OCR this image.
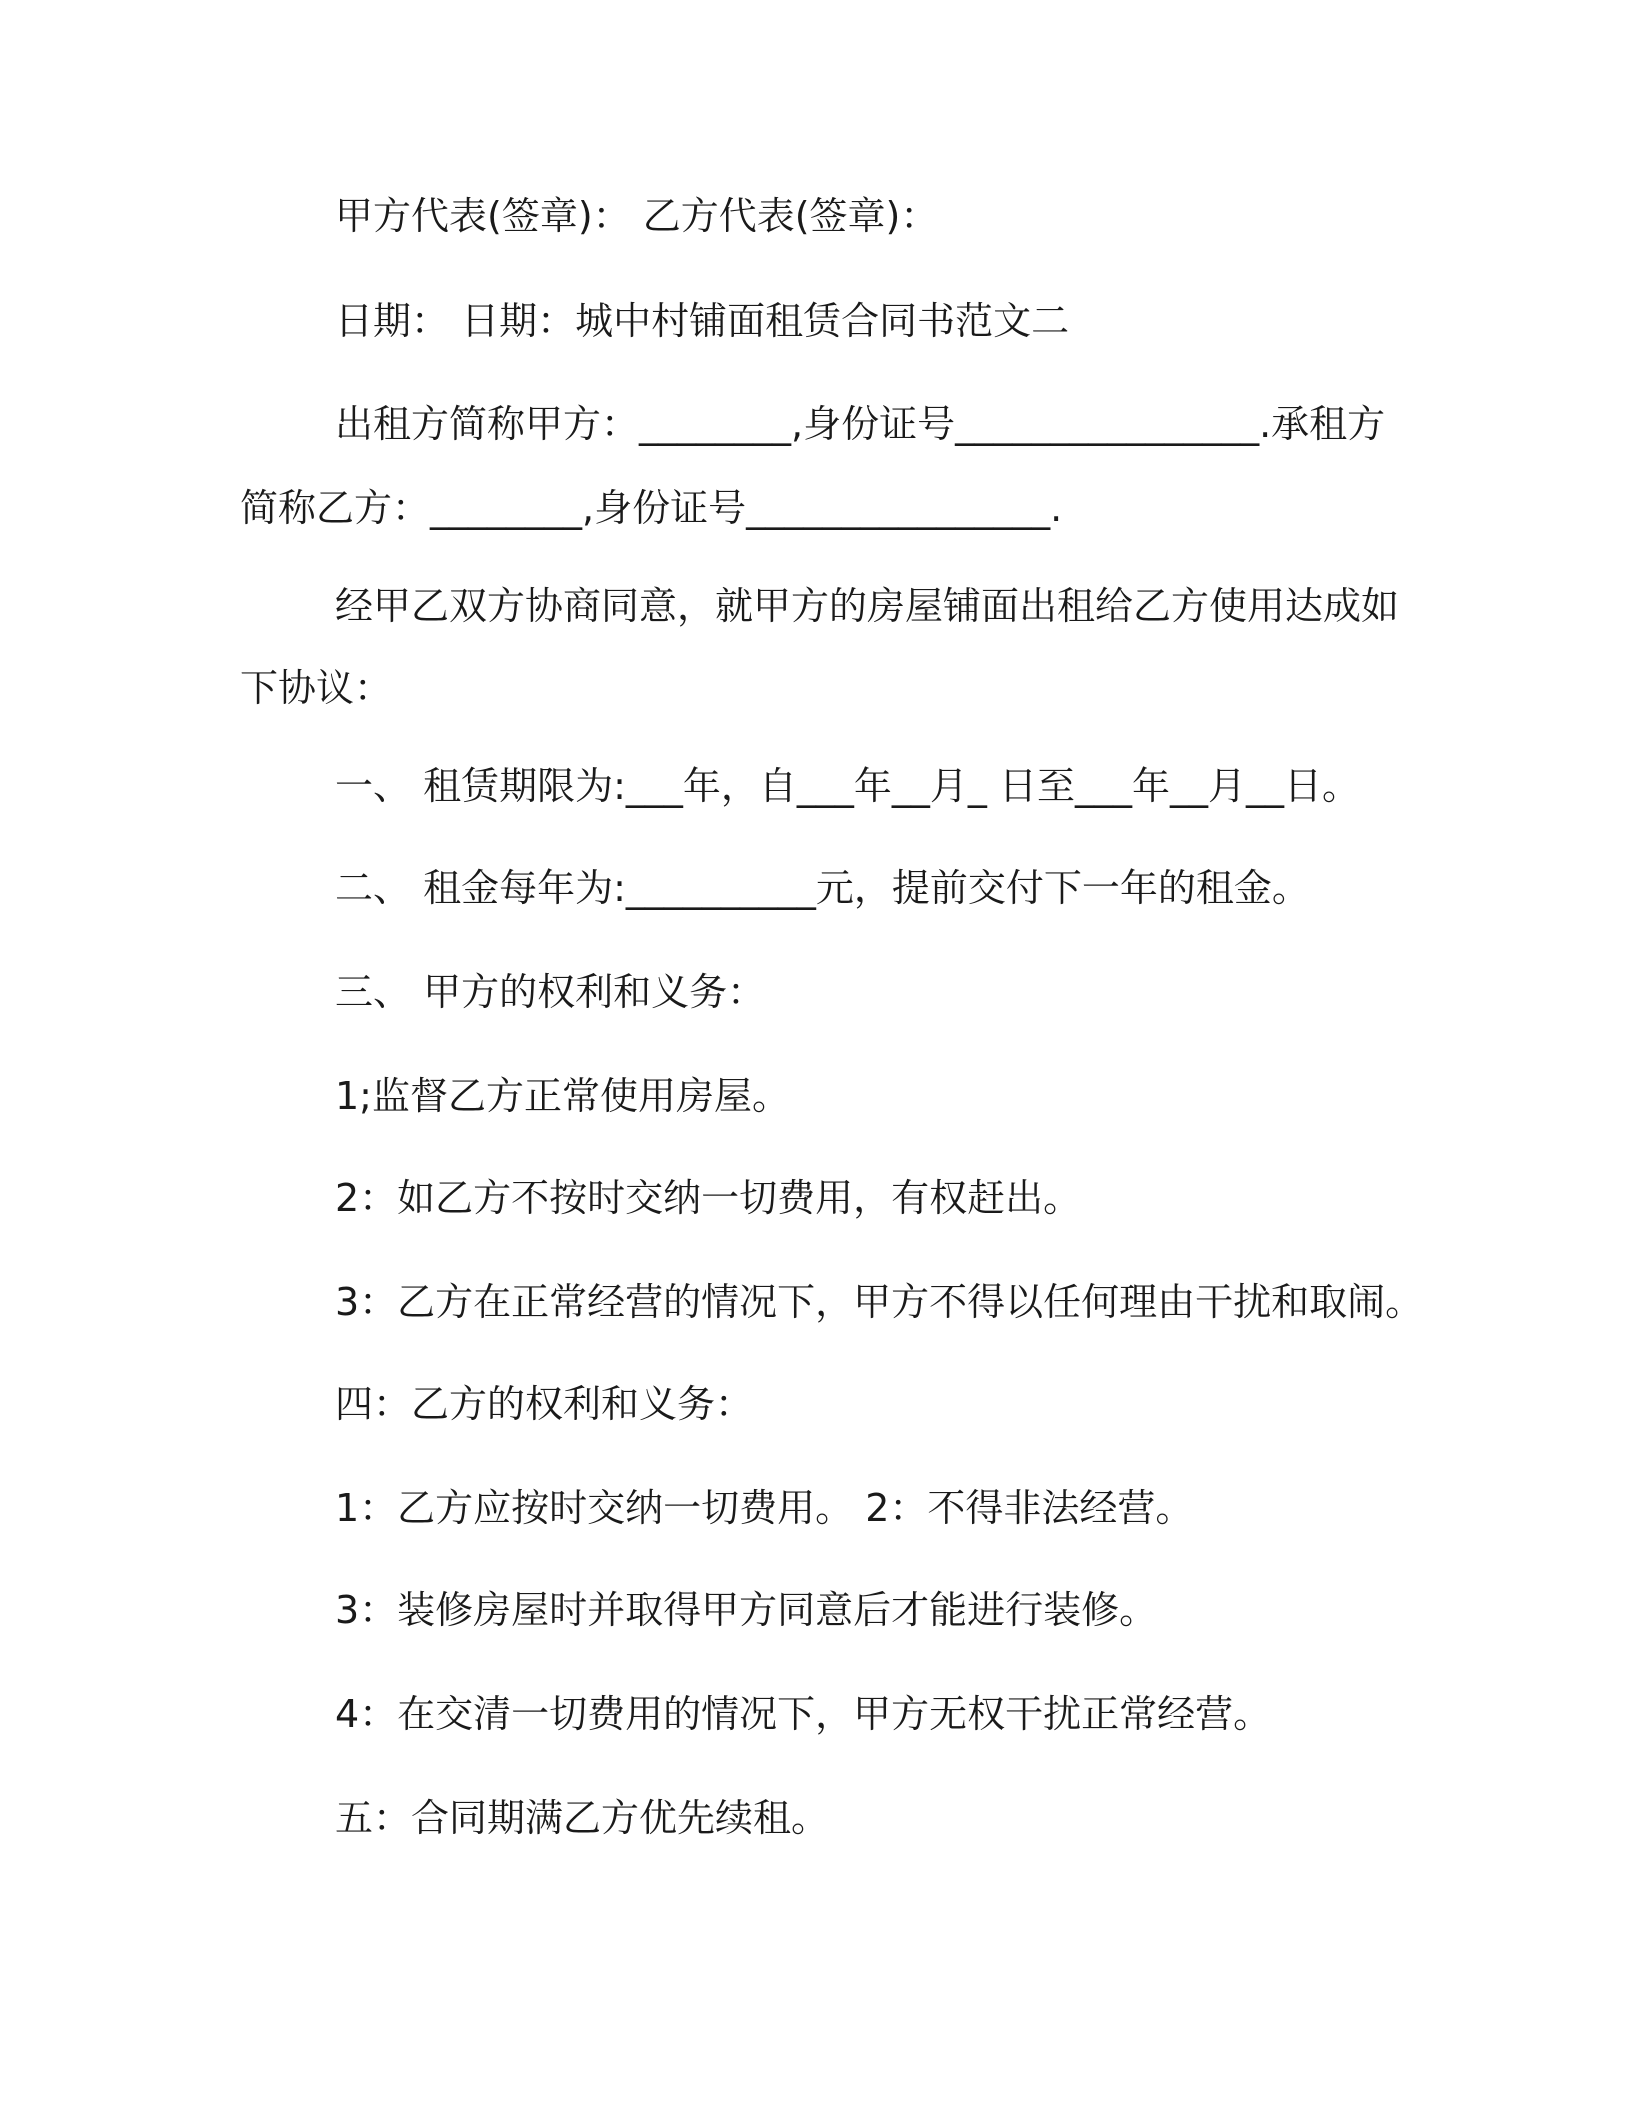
甲方代表(签章)： 乙方代表(签章)：

日期： 日期：城中村铺面租赁合同书范文二

出租方简称甲方：________,身份证号________________.承租方

简称乙方：________,身份证号________________.

经甲乙双方协商同意，就甲方的房屋铺面出租给乙方使用达成如

下协议：

一、 租赁期限为:___年，自___年__月_ 日至___年__月__日。

二、 租金每年为:__________元，提前交付下一年的租金。

三、 甲方的权利和义务：

1;监督乙方正常使用房屋。

2：如乙方不按时交纳一切费用，有权赶出。

3：乙方在正常经营的情况下，甲方不得以任何理由干扰和取闹。

四：乙方的权利和义务：

1：乙方应按时交纳一切费用。 2：不得非法经营。

3：装修房屋时并取得甲方同意后才能进行装修。

4：在交清一切费用的情况下，甲方无权干扰正常经营。

五：合同期满乙方优先续租。
